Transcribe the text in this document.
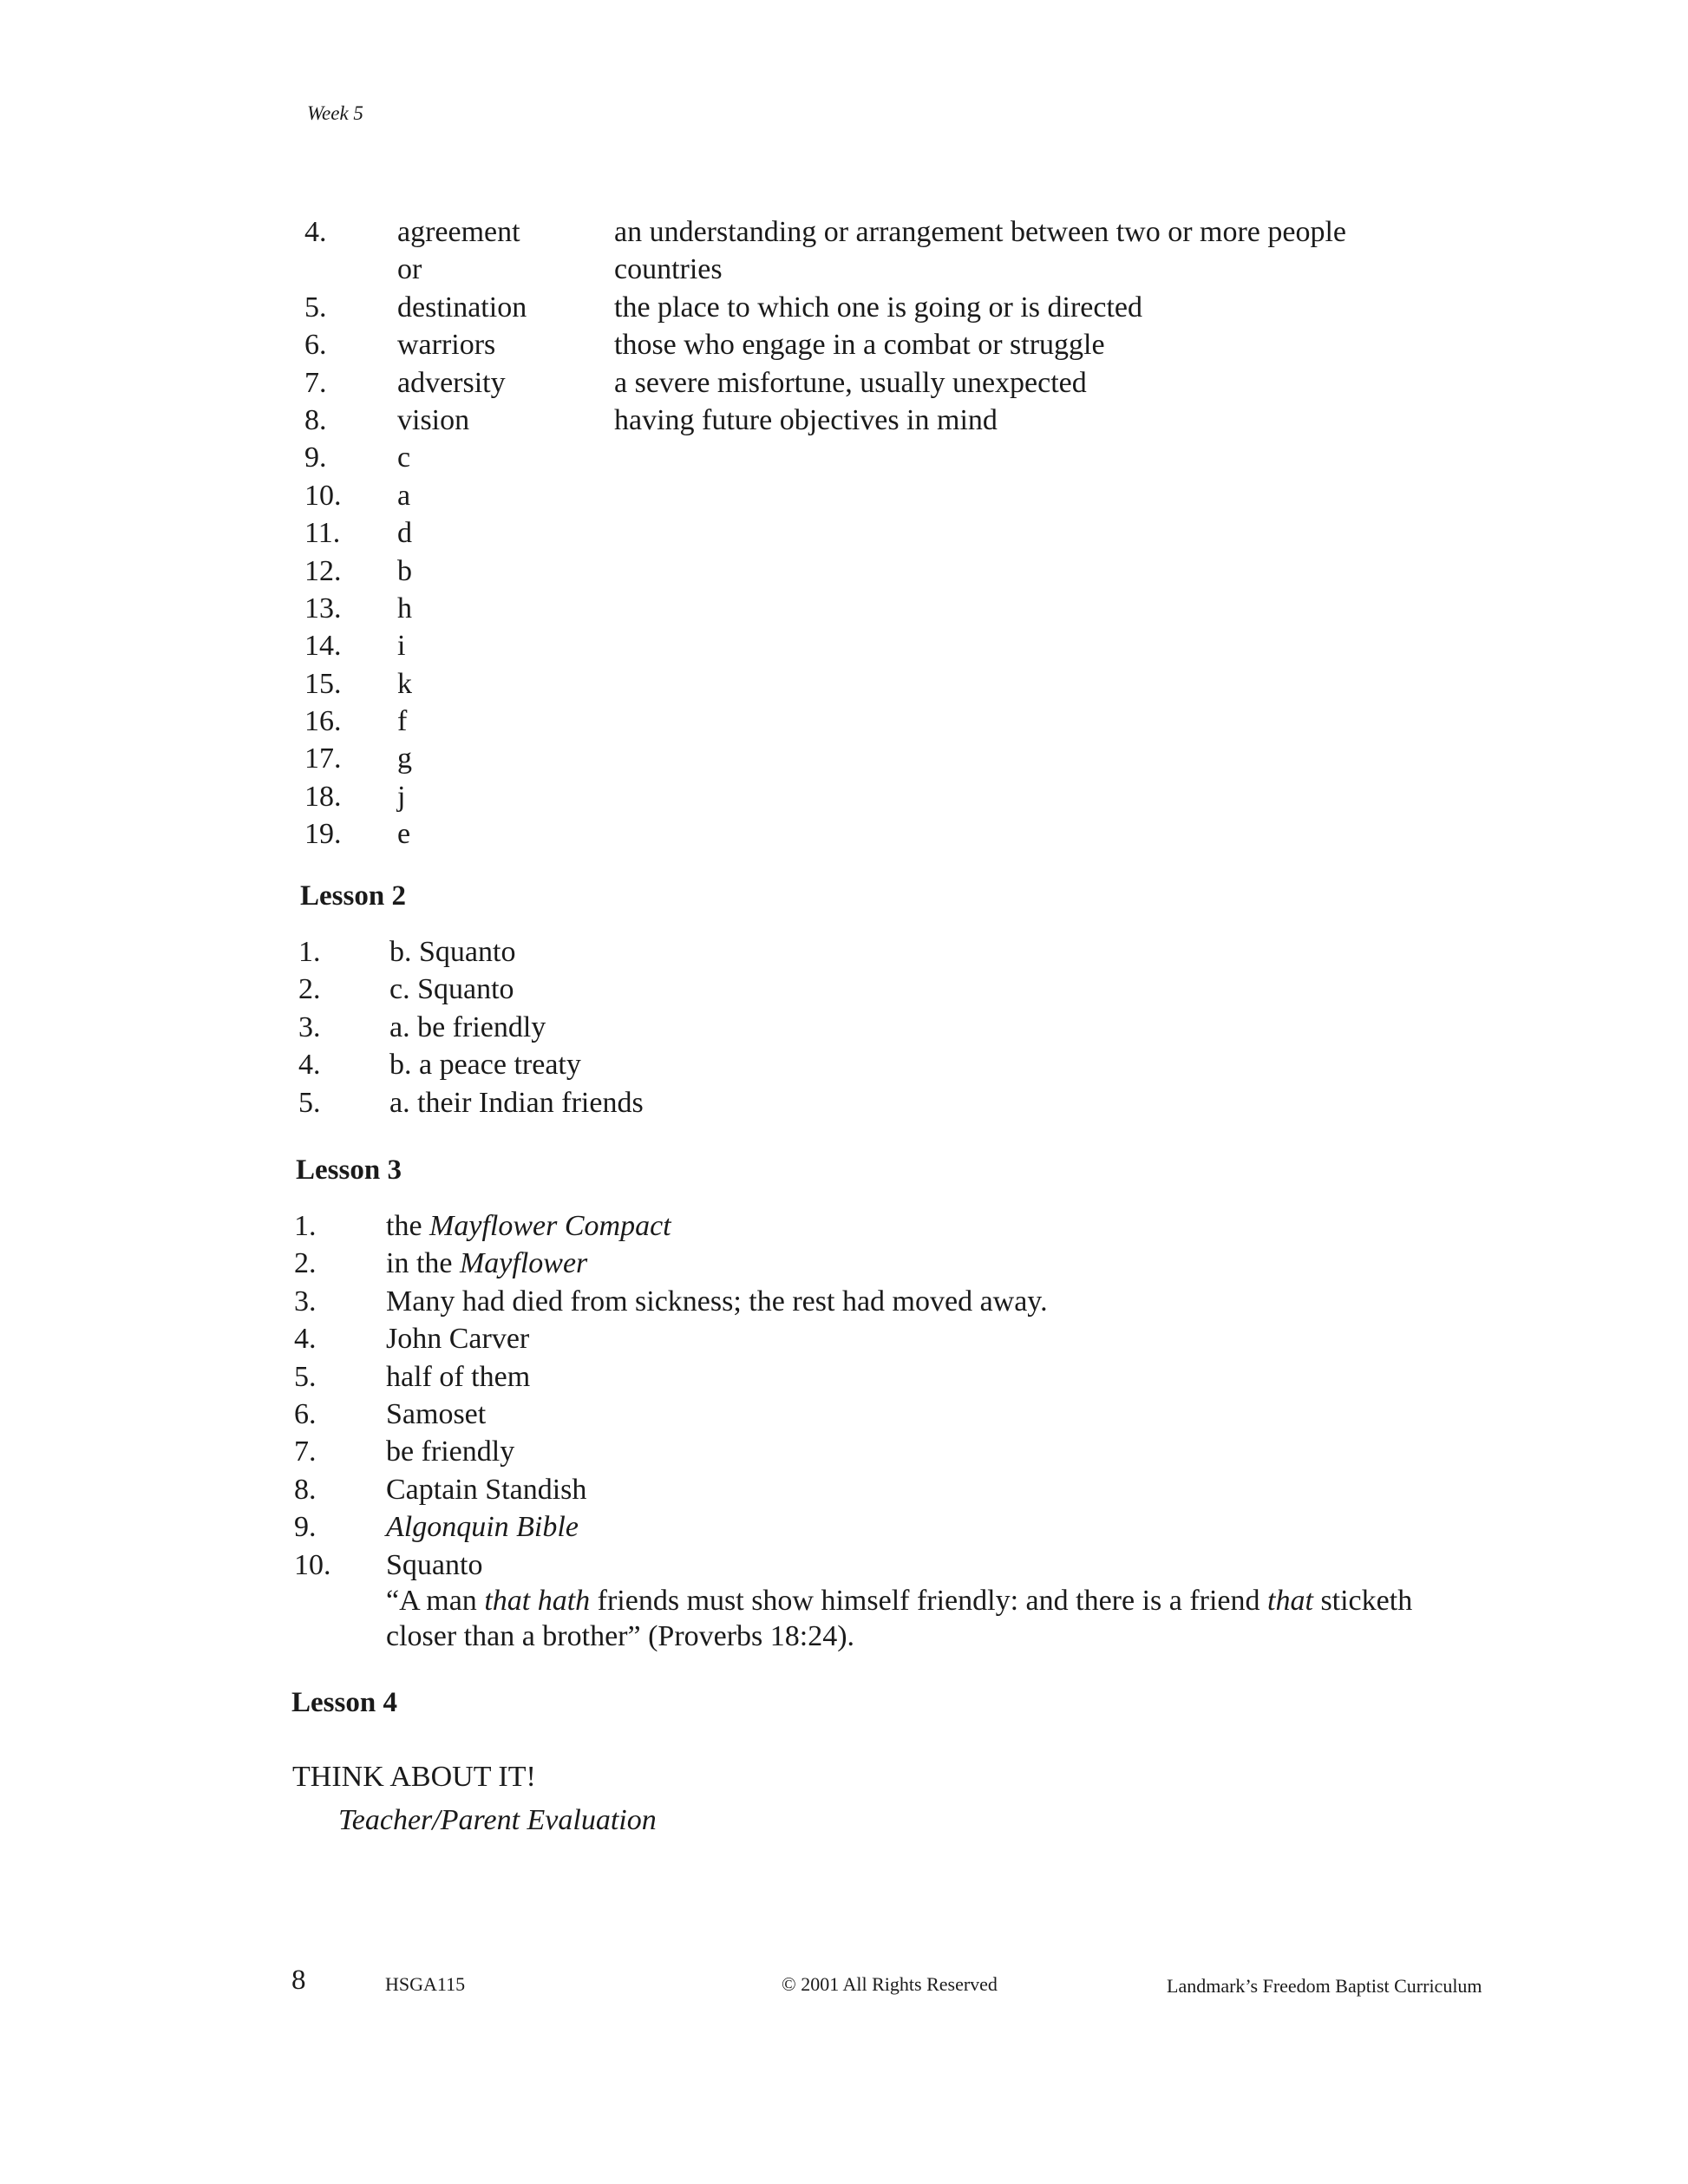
Week 5
4. agreement	an understanding or arrangement between two or more people
or	countries
5. destination	the place to which one is going or is directed
6. warriors	those who engage in a combat or struggle
7. adversity	a severe misfortune, usually unexpected
8. vision	having future objectives in mind
9. c
10. a
11. d
12. b
13. h
14. i
15. k
16. f
17. g
18. j
19. e
Lesson 2
1. b. Squanto
2. c. Squanto
3. a. be friendly
4. b. a peace treaty
5. a. their Indian friends
Lesson 3
1. the Mayflower Compact
2. in the Mayflower
3. Many had died from sickness; the rest had moved away.
4. John Carver
5. half of them
6. Samoset
7. be friendly
8. Captain Standish
9. Algonquin Bible
10. Squanto
“A man that hath friends must show himself friendly: and there is a friend that sticketh
closer than a brother” (Proverbs 18:24).
Lesson 4
THINK ABOUT IT!
Teacher/Parent Evaluation
8	HSGA115	© 2001 All Rights Reserved	Landmark’s Freedom Baptist Curriculum
